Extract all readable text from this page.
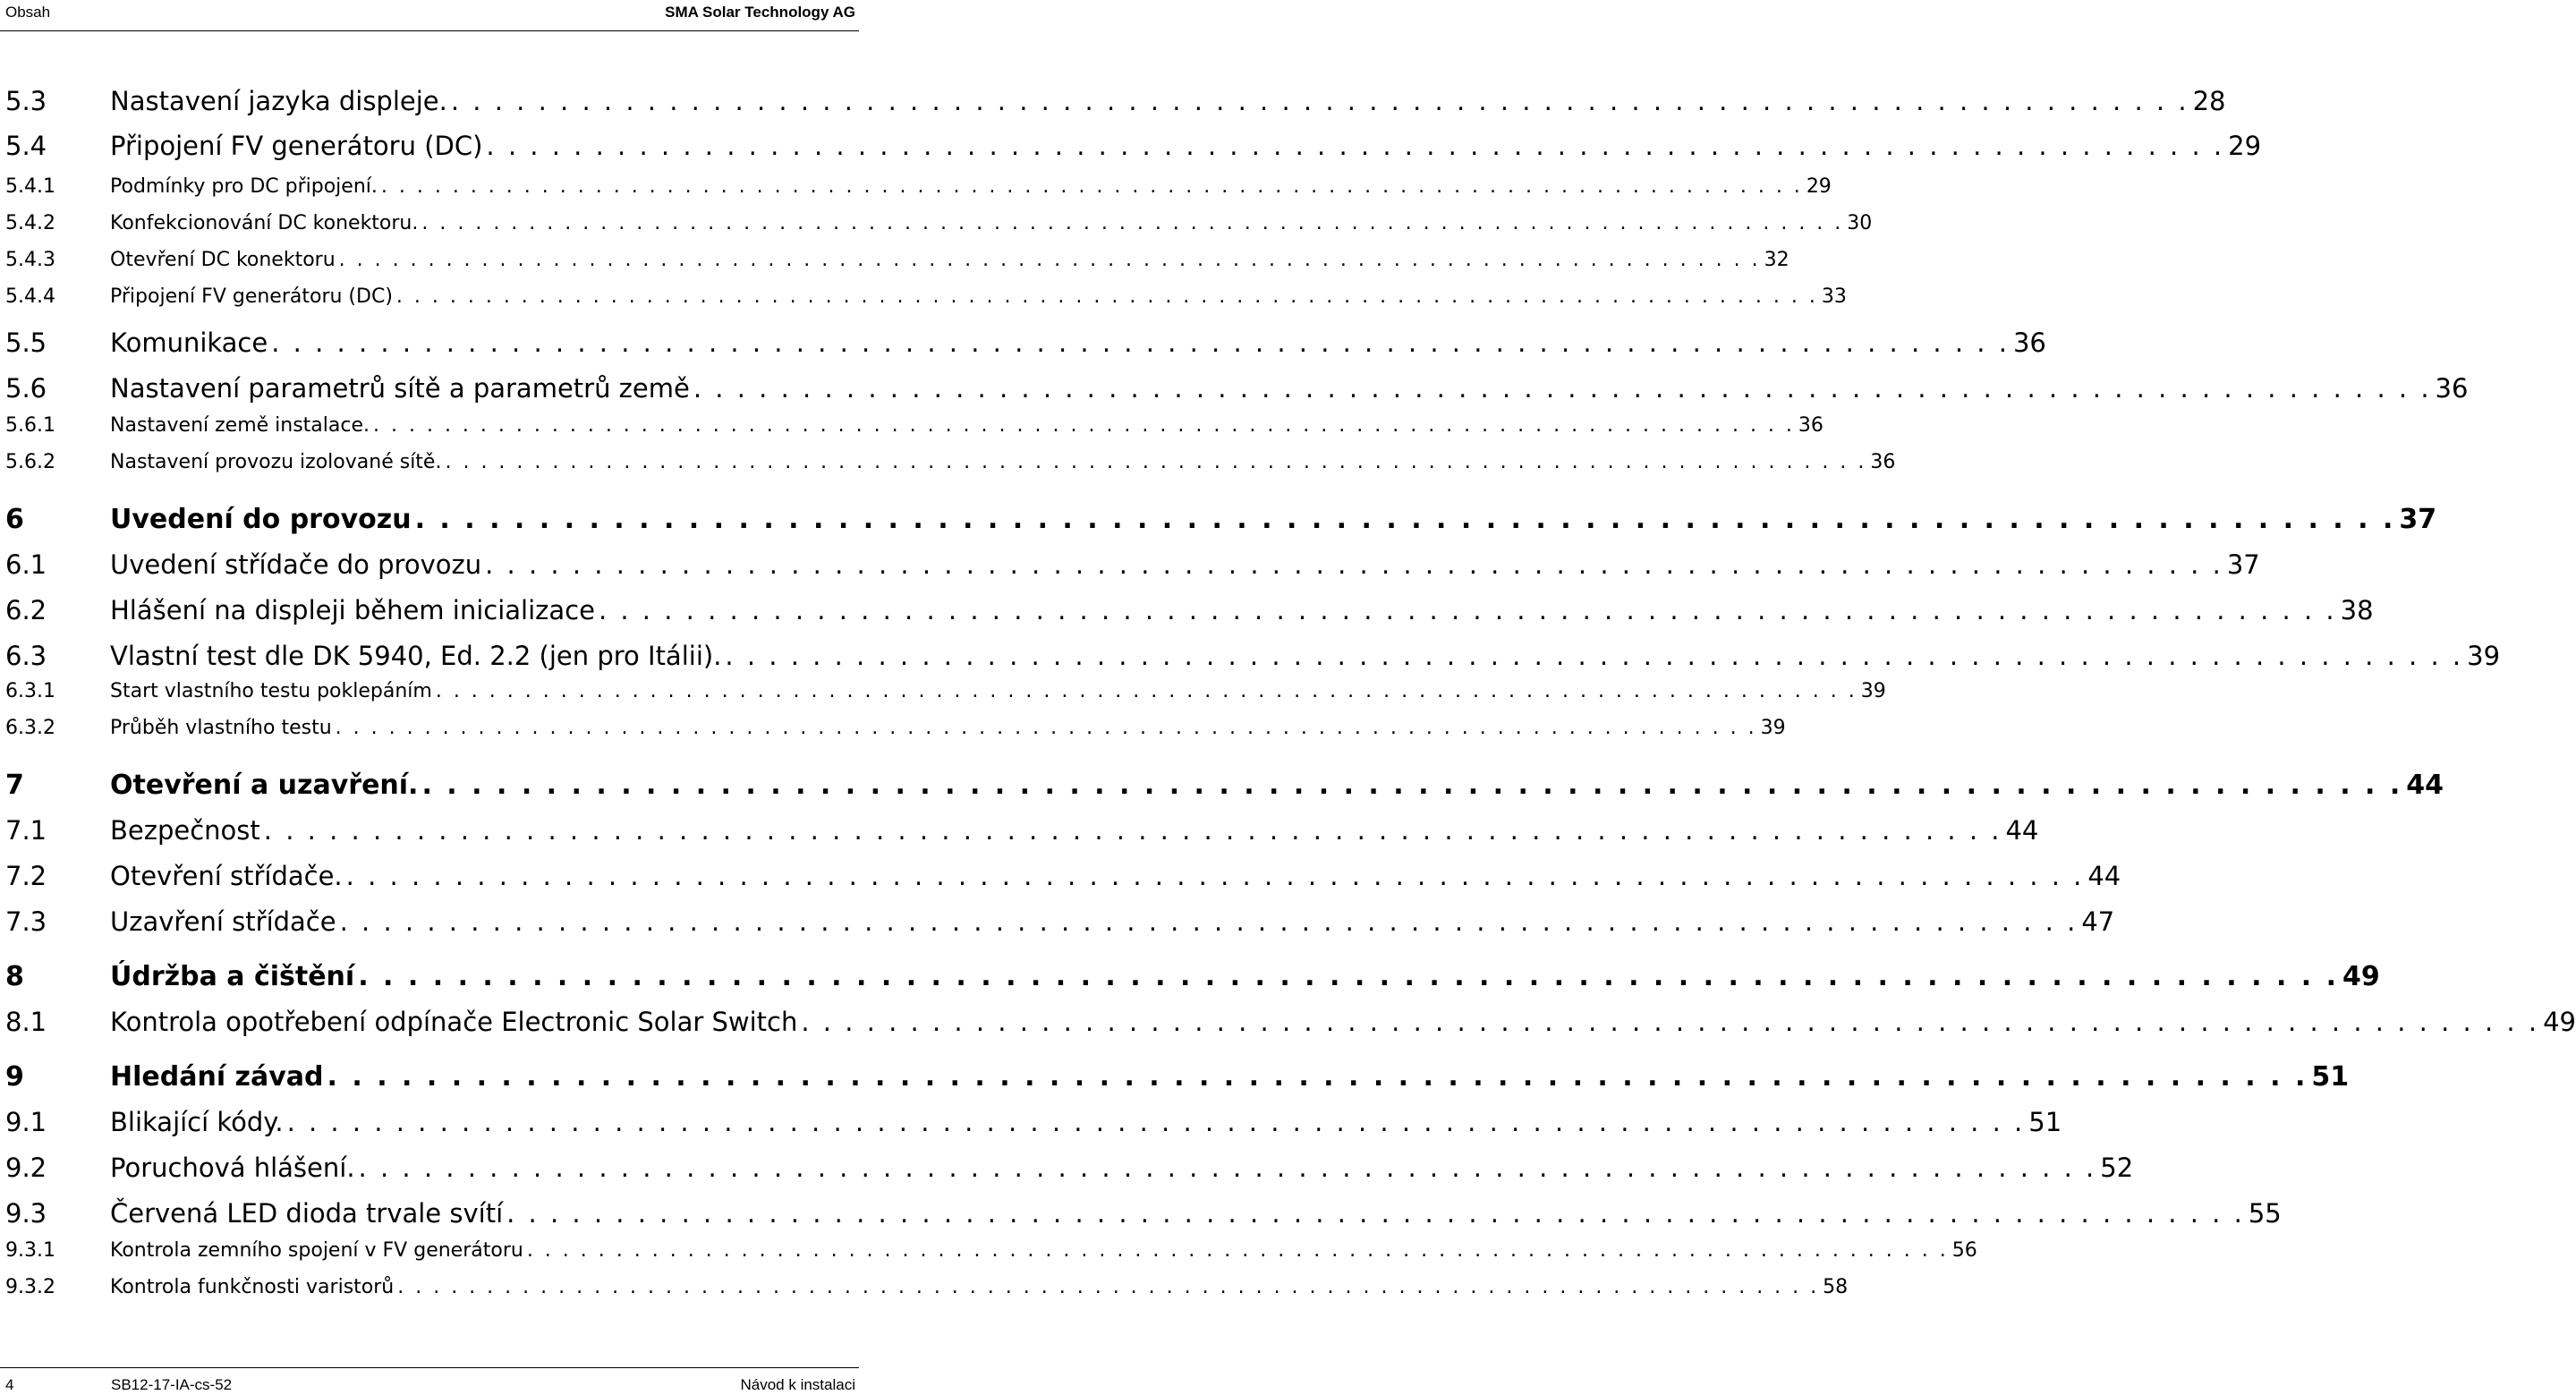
Obsah	SMA Solar Technology AG
5.3	Nastavení jazyka displeje. . . . . . . . . . . . . . . . . . . . . . . . . . . . . . . . . . . . . . . . . . . . . . . . . . . . . . . . . . . . . . . . . . . . . . . . . . . . . . . . . 28
5.4	Připojení FV generátoru (DC) . . . . . . . . . . . . . . . . . . . . . . . . . . . . . . . . . . . . . . . . . . . . . . . . . . . . . . . . . . . . . . . . . . . . . . . . . . . . . . . . 29
5.4.1	Podmínky pro DC připojení. . . . . . . . . . . . . . . . . . . . . . . . . . . . . . . . . . . . . . . . . . . . . . . . . . . . . . . . . . . . . . . . . . . . . . . . . . . . . . . . . 29
5.4.2	Konfekcionování DC konektoru. . . . . . . . . . . . . . . . . . . . . . . . . . . . . . . . . . . . . . . . . . . . . . . . . . . . . . . . . . . . . . . . . . . . . . . . . . . . . . . . . 30
5.4.3	Otevření DC konektoru . . . . . . . . . . . . . . . . . . . . . . . . . . . . . . . . . . . . . . . . . . . . . . . . . . . . . . . . . . . . . . . . . . . . . . . . . . . . . . . . 32
5.4.4	Připojení FV generátoru (DC) . . . . . . . . . . . . . . . . . . . . . . . . . . . . . . . . . . . . . . . . . . . . . . . . . . . . . . . . . . . . . . . . . . . . . . . . . . . . . . . . 33
5.5	Komunikace . . . . . . . . . . . . . . . . . . . . . . . . . . . . . . . . . . . . . . . . . . . . . . . . . . . . . . . . . . . . . . . . . . . . . . . . . . . . . . . . 36
5.6	Nastavení parametrů sítě a parametrů země . . . . . . . . . . . . . . . . . . . . . . . . . . . . . . . . . . . . . . . . . . . . . . . . . . . . . . . . . . . . . . . . . . . . . . . . . . . . . . . . 36
5.6.1	Nastavení země instalace. . . . . . . . . . . . . . . . . . . . . . . . . . . . . . . . . . . . . . . . . . . . . . . . . . . . . . . . . . . . . . . . . . . . . . . . . . . . . . . . . 36
5.6.2	Nastavení provozu izolované sítě. . . . . . . . . . . . . . . . . . . . . . . . . . . . . . . . . . . . . . . . . . . . . . . . . . . . . . . . . . . . . . . . . . . . . . . . . . . . . . . . . 36
6	Uvedení do provozu . . . . . . . . . . . . . . . . . . . . . . . . . . . . . . . . . . . . . . . . . . . . . . . . . . . . . . . . . . . . . . . . . . . . . . . . . . . . . . . . 37
6.1	Uvedení střídače do provozu . . . . . . . . . . . . . . . . . . . . . . . . . . . . . . . . . . . . . . . . . . . . . . . . . . . . . . . . . . . . . . . . . . . . . . . . . . . . . . . . 37
6.2	Hlášení na displeji během inicializace . . . . . . . . . . . . . . . . . . . . . . . . . . . . . . . . . . . . . . . . . . . . . . . . . . . . . . . . . . . . . . . . . . . . . . . . . . . . . . . . 38
6.3	Vlastní test dle DK 5940, Ed. 2.2 (jen pro Itálii). . . . . . . . . . . . . . . . . . . . . . . . . . . . . . . . . . . . . . . . . . . . . . . . . . . . . . . . . . . . . . . . . . . . . . . . . . . . . . . . . 39
6.3.1	Start vlastního testu poklepáním . . . . . . . . . . . . . . . . . . . . . . . . . . . . . . . . . . . . . . . . . . . . . . . . . . . . . . . . . . . . . . . . . . . . . . . . . . . . . . . . 39
6.3.2	Průběh vlastního testu . . . . . . . . . . . . . . . . . . . . . . . . . . . . . . . . . . . . . . . . . . . . . . . . . . . . . . . . . . . . . . . . . . . . . . . . . . . . . . . . 39
7	Otevření a uzavření. . . . . . . . . . . . . . . . . . . . . . . . . . . . . . . . . . . . . . . . . . . . . . . . . . . . . . . . . . . . . . . . . . . . . . . . . . . . . . . . . 44
7.1	Bezpečnost . . . . . . . . . . . . . . . . . . . . . . . . . . . . . . . . . . . . . . . . . . . . . . . . . . . . . . . . . . . . . . . . . . . . . . . . . . . . . . . . 44
7.2	Otevření střídače. . . . . . . . . . . . . . . . . . . . . . . . . . . . . . . . . . . . . . . . . . . . . . . . . . . . . . . . . . . . . . . . . . . . . . . . . . . . . . . . . 44
7.3	Uzavření střídače . . . . . . . . . . . . . . . . . . . . . . . . . . . . . . . . . . . . . . . . . . . . . . . . . . . . . . . . . . . . . . . . . . . . . . . . . . . . . . . . 47
8	Údržba a čištění . . . . . . . . . . . . . . . . . . . . . . . . . . . . . . . . . . . . . . . . . . . . . . . . . . . . . . . . . . . . . . . . . . . . . . . . . . . . . . . . 49
8.1	Kontrola opotřebení odpínače Electronic Solar Switch . . . . . . . . . . . . . . . . . . . . . . . . . . . . . . . . . . . . . . . . . . . . . . . . . . . . . . . . . . . . . . . . . . . . . . . . . . . . . . . . 49
9	Hledání závad . . . . . . . . . . . . . . . . . . . . . . . . . . . . . . . . . . . . . . . . . . . . . . . . . . . . . . . . . . . . . . . . . . . . . . . . . . . . . . . . 51
9.1	Blikající kódy. . . . . . . . . . . . . . . . . . . . . . . . . . . . . . . . . . . . . . . . . . . . . . . . . . . . . . . . . . . . . . . . . . . . . . . . . . . . . . . . . 51
9.2	Poruchová hlášení. . . . . . . . . . . . . . . . . . . . . . . . . . . . . . . . . . . . . . . . . . . . . . . . . . . . . . . . . . . . . . . . . . . . . . . . . . . . . . . . . 52
9.3	Červená LED dioda trvale svítí . . . . . . . . . . . . . . . . . . . . . . . . . . . . . . . . . . . . . . . . . . . . . . . . . . . . . . . . . . . . . . . . . . . . . . . . . . . . . . . . 55
9.3.1	Kontrola zemního spojení v FV generátoru . . . . . . . . . . . . . . . . . . . . . . . . . . . . . . . . . . . . . . . . . . . . . . . . . . . . . . . . . . . . . . . . . . . . . . . . . . . . . . . . 56
9.3.2	Kontrola funkčnosti varistorů . . . . . . . . . . . . . . . . . . . . . . . . . . . . . . . . . . . . . . . . . . . . . . . . . . . . . . . . . . . . . . . . . . . . . . . . . . . . . . . . 58
4	SB12-17-IA-cs-52	Návod k instalaci
